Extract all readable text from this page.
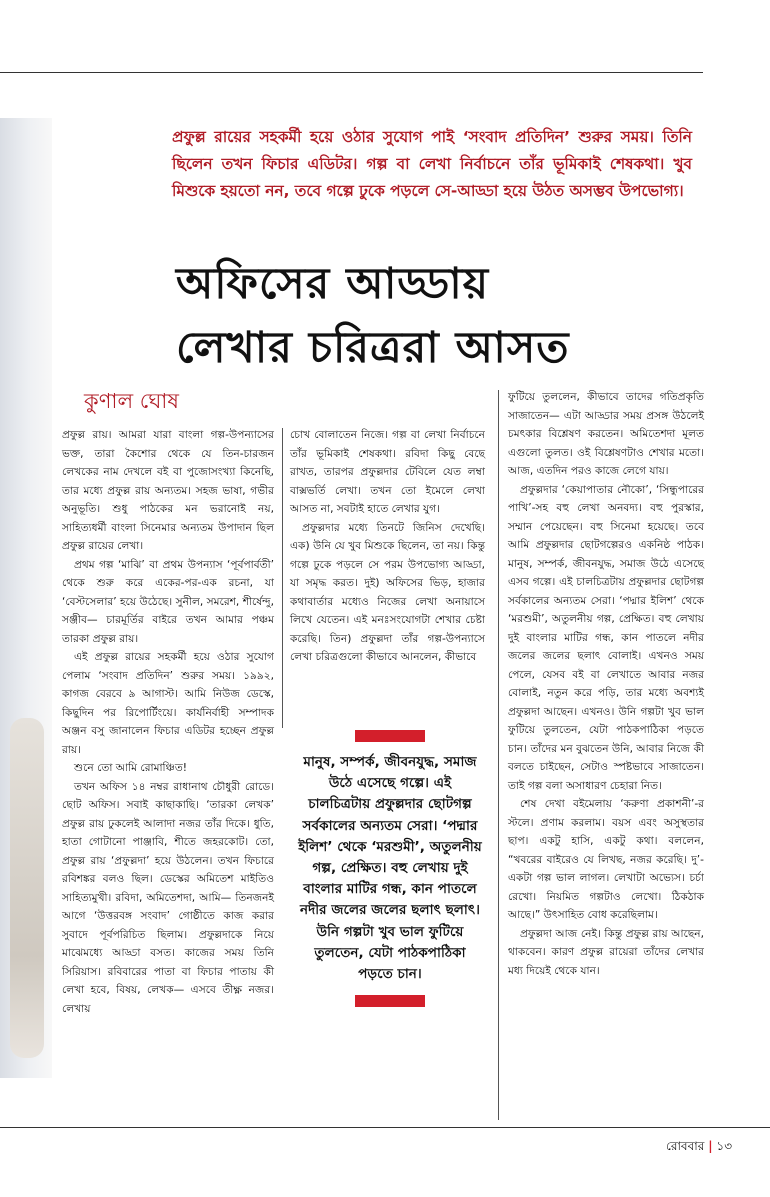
প্রফুল্ল রায়ের সহকর্মী হয়ে ওঠার সুযোগ পাই ‘সংবাদ প্রতিদিন’ শুরুর সময়। তিনি ছিলেন তখন ফিচার এডিটর। গল্প বা লেখা নির্বাচনে তাঁর ভূমিকাই শেষকথা। খুব মিশুকে হয়তো নন, তবে গল্পে ঢুকে পড়লে সে-আড্ডা হয়ে উঠত অসম্ভব উপভোগ্য।
অফিসের আড্ডায়
লেখার চরিত্ররা আসত
কুণাল ঘোষ

প্রফুল্ল রায়। আমরা যারা বাংলা গল্প-উপন্যাসের ভক্ত, তারা কৈশোর থেকে যে তিন-চারজন লেখকের নাম দেখলে বই বা পুজোসংখ্যা কিনেছি, তার মধ্যে প্রফুল্ল রায় অন্যতম। সহজ ভাষা, গভীর অনুভূতি। শুধু পাঠকের মন ভরানোই নয়, সাহিত্যধর্মী বাংলা সিনেমার অন্যতম উপাদান ছিল প্রফুল্ল রায়ের লেখা।

প্রথম গল্প ‘মাঝি’ বা প্রথম উপন্যাস ‘পূর্বপার্বতী’ থেকে শুরু করে একের-পর-এক রচনা, যা ‘বেস্টসেলার’ হয়ে উঠেছে। সুনীল, সমরেশ, শীর্ষেন্দু, সঞ্জীব— চারমূর্তির বাইরে তখন আমার পঞ্চম তারকা প্রফুল্ল রায়।

এই প্রফুল্ল রায়ের সহকর্মী হয়ে ওঠার সুযোগ পেলাম ‘সংবাদ প্রতিদিন’ শুরুর সময়। ১৯৯২, কাগজ বেরবে ৯ আগাস্ট। আমি নিউজ ডেস্কে, কিছুদিন পর রিপোর্টিংয়ে। কার্যনির্বাহী সম্পাদক অঞ্জন বসু জানালেন ফিচার এডিটর হচ্ছেন প্রফুল্ল রায়।

শুনে তো আমি রোমাঞ্চিত!

তখন অফিস ১৪ নম্বর রাধানাথ চৌধুরী রোডে। ছোট অফিস। সবাই কাছাকাছি। ‘তারকা লেখক’ প্রফুল্ল রায় ঢুকলেই আলাদা নজর তাঁর দিকে। ধুতি, হাতা গোটানো পাঞ্জাবি, শীতে জহরকোট। তো, প্রফুল্ল রায় ‘প্রফুল্লদা’ হয়ে উঠলেন। তখন ফিচারে রবিশঙ্কর বলও ছিল। ডেস্কের অমিতেশ মাইতিও সাহিত্যমুখী। রবিদা, অমিতেশদা, আমি— তিনজনই আগে ‘উত্তরবঙ্গ সংবাদ’ গোষ্ঠীতে কাজ করার সুবাদে পূর্বপরিচিত ছিলাম। প্রফুল্লদাকে নিয়ে মাঝেমধ্যে আড্ডা বসত। কাজের সময় তিনি সিরিয়াস। রবিবারের পাতা বা ফিচার পাতায় কী লেখা হবে, বিষয়, লেখক— এসবে তীক্ষ্ণ নজর। লেখায়

চোখ বোলাতেন নিজে। গল্প বা লেখা নির্বাচনে তাঁর ভূমিকাই শেষকথা। রবিদা কিছু বেছে রাখত, তারপর প্রফুল্লদার টেবিলে যেত লম্বা বাক্সভর্তি লেখা। তখন তো ইমেলে লেখা আসত না, সবটাই হাতে লেখার যুগ।

প্রফুল্লদার মধ্যে তিনটে জিনিস দেখেছি। এক) উনি যে খুব মিশুকে ছিলেন, তা নয়। কিন্তু গল্পে ঢুকে পড়লে সে পরম উপভোগ্য আড্ডা, যা সমৃদ্ধ করত। দুই) অফিসের ভিড়, হাজার কথাবার্তার মধ্যেও নিজের লেখা অনায়াসে লিখে যেতেন। এই মনঃসংযোগটা শেখার চেষ্টা করেছি। তিন) প্রফুল্লদা তাঁর গল্প-উপন্যাসে লেখা চরিত্রগুলো কীভাবে আনলেন, কীভাবে

মানুষ, সম্পর্ক, জীবনযুদ্ধ, সমাজ উঠে এসেছে গল্পে। এই চালচিত্রটায় প্রফুল্লদার ছোটগল্প সর্বকালের অন্যতম সেরা। ‘পদ্মার ইলিশ’ থেকে ‘মরশুমী’, অতুলনীয় গল্প, প্রেক্ষিত। বহু লেখায় দুই বাংলার মাটির গন্ধ, কান পাতলে নদীর জলের জলের ছলাৎ ছলাৎ। উনি গল্পটা খুব ভাল ফুটিয়ে তুলতেন, যেটা পাঠকপাঠিকা পড়তে চান।

ফুটিয়ে তুললেন, কীভাবে তাদের গতিপ্রকৃতি সাজাতেন— এটা আড্ডার সময় প্রসঙ্গ উঠলেই চমৎকার বিশ্লেষণ করতেন। অমিতেশদা মূলত এগুলো তুলত। ওই বিশ্লেষণটাও শেখার মতো। আজ, এতদিন পরও কাজে লেগে যায়।

প্রফুল্লদার ‘কেয়াপাতার নৌকো’, ‘সিন্ধুপারের পাখি’-সহ বহু লেখা অনবদ্য। বহু পুরস্কার, সম্মান পেয়েছেন। বহু সিনেমা হয়েছে। তবে আমি প্রফুল্লদার ছোটগল্পেরও একনিষ্ঠ পাঠক। মানুষ, সম্পর্ক, জীবনযুদ্ধ, সমাজ উঠে এসেছে এসব গল্পে। এই চালচিত্রটায় প্রফুল্লদার ছোটগল্প সর্বকালের অন্যতম সেরা। ‘পদ্মার ইলিশ’ থেকে ‘মরশুমী’, অতুলনীয় গল্প, প্রেক্ষিত। বহু লেখায় দুই বাংলার মাটির গন্ধ, কান পাতলে নদীর জলের জলের ছলাৎ বোলাই। এখনও সময় পেলে, যেসব বই বা লেখাতে আবার নজর বোলাই, নতুন করে পড়ি, তার মধ্যে অবশ্যই প্রফুল্লদা আছেন। এখনও। উনি গল্পটা খুব ভাল ফুটিয়ে তুলতেন, যেটা পাঠকপাঠিকা পড়তে চান। তাঁদের মন বুঝতেন উনি, আবার নিজে কী বলতে চাইছেন, সেটাও স্পষ্টভাবে সাজাতেন। তাই গল্প বলা অসাধারণ চেহারা নিত।

শেষ দেখা বইমেলায় ‘করুণা প্রকাশনী’-র স্টলে। প্রণাম করলাম। বয়স এবং অসুস্থতার ছাপ। একটু হাসি, একটু কথা। বললেন, “খবরের বাইরেও যে লিখছ, নজর করেছি। দু’-একটা গল্প ভাল লাগল। লেখাটা অভ্যেস। চর্চা রেখো। নিয়মিত গল্পটাও লেখো। ঠিকঠাক আছে।” উৎসাহিত বোধ করেছিলাম।

প্রফুল্লদা আজ নেই। কিন্তু প্রফুল্ল রায় আছেন, থাকবেন। কারণ প্রফুল্ল রায়েরা তাঁদের লেখার মধ্য দিয়েই থেকে যান।

রোববার | ১৩
